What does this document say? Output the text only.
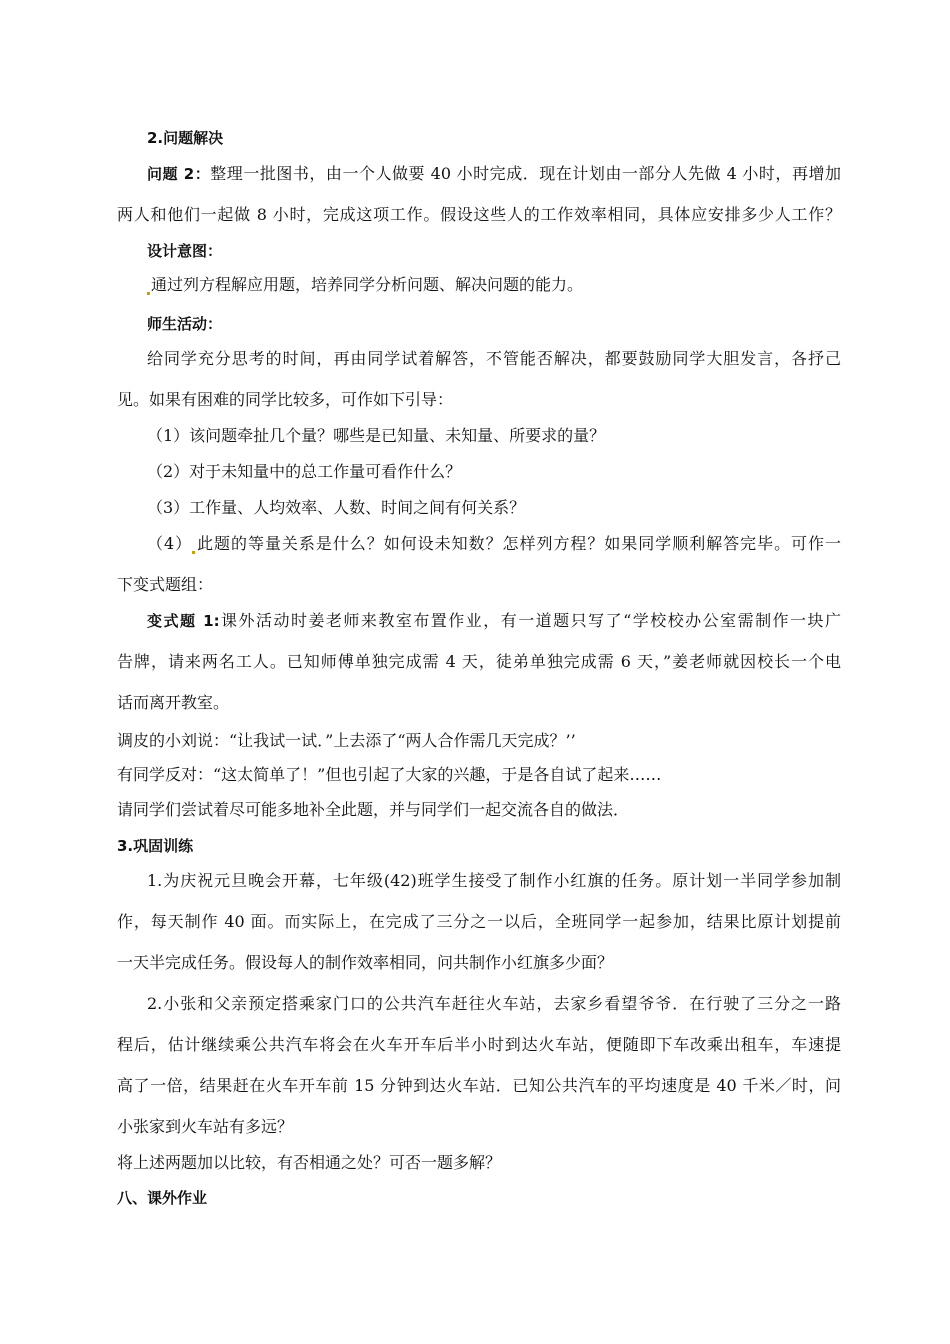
2.问题解决
问题 2：整理一批图书，由一个人做要 40 小时完成．现在计划由一部分人先做 4 小时，再增加
两人和他们一起做 8 小时，完成这项工作。假设这些人的工作效率相同，具体应安排多少人工作？
设计意图：
通过列方程解应用题，培养同学分析问题、解决问题的能力。
师生活动：
给同学充分思考的时间，再由同学试着解答，不管能否解决，都要鼓励同学大胆发言，各抒己
见。如果有困难的同学比较多，可作如下引导：
（1）该问题牵扯几个量？哪些是已知量、未知量、所要求的量？
（2）对于未知量中的总工作量可看作什么？
（3）工作量、人均效率、人数、时间之间有何关系？
（4） 此题的等量关系是什么？如何设未知数？怎样列方程？如果同学顺利解答完毕。可作一
下变式题组：
变式题 1:课外活动时姜老师来教室布置作业，有一道题只写了“学校校办公室需制作一块广
告牌，请来两名工人。已知师傅单独完成需 4 天，徒弟单独完成需 6 天，”姜老师就因校长一个电
话而离开教室。
调皮的小刘说：“让我试一试．”上去添了“两人合作需几天完成？’’
有同学反对：“这太简单了！”但也引起了大家的兴趣，于是各自试了起来……
请同学们尝试着尽可能多地补全此题，并与同学们一起交流各自的做法．
3.巩固训练
1.为庆祝元旦晚会开幕，七年级(42)班学生接受了制作小红旗的任务。原计划一半同学参加制
作，每天制作 40 面。而实际上，在完成了三分之一以后，全班同学一起参加，结果比原计划提前
一天半完成任务。假设每人的制作效率相同，问共制作小红旗多少面？
2.小张和父亲预定搭乘家门口的公共汽车赶往火车站，去家乡看望爷爷．在行驶了三分之一路
程后，估计继续乘公共汽车将会在火车开车后半小时到达火车站，便随即下车改乘出租车，车速提
高了一倍，结果赶在火车开车前 15 分钟到达火车站．已知公共汽车的平均速度是 40 千米／时，问
小张家到火车站有多远？
将上述两题加以比较，有否相通之处？可否一题多解？
八、课外作业
